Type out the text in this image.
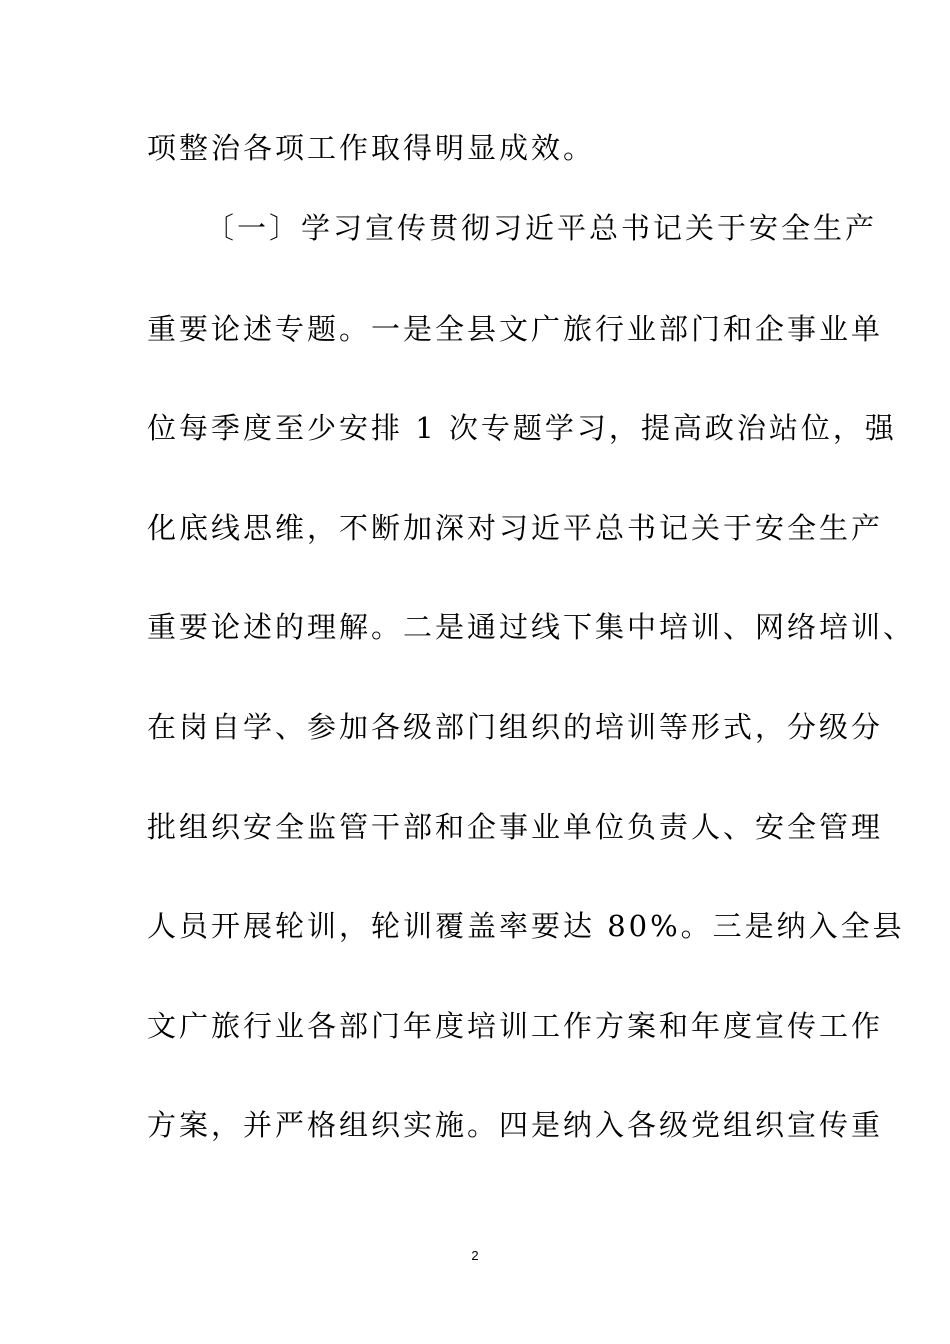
项整治各项工作取得明显成效。
〔一〕学习宣传贯彻习近平总书记关于安全生产
重要论述专题。一是全县文广旅行业部门和企事业单
位每季度至少安排 1 次专题学习，提高政治站位，强
化底线思维，不断加深对习近平总书记关于安全生产
重要论述的理解。二是通过线下集中培训、网络培训、
在岗自学、参加各级部门组织的培训等形式，分级分
批组织安全监管干部和企事业单位负责人、安全管理
人员开展轮训，轮训覆盖率要达 80%。三是纳入全县
文广旅行业各部门年度培训工作方案和年度宣传工作
方案，并严格组织实施。四是纳入各级党组织宣传重
2
